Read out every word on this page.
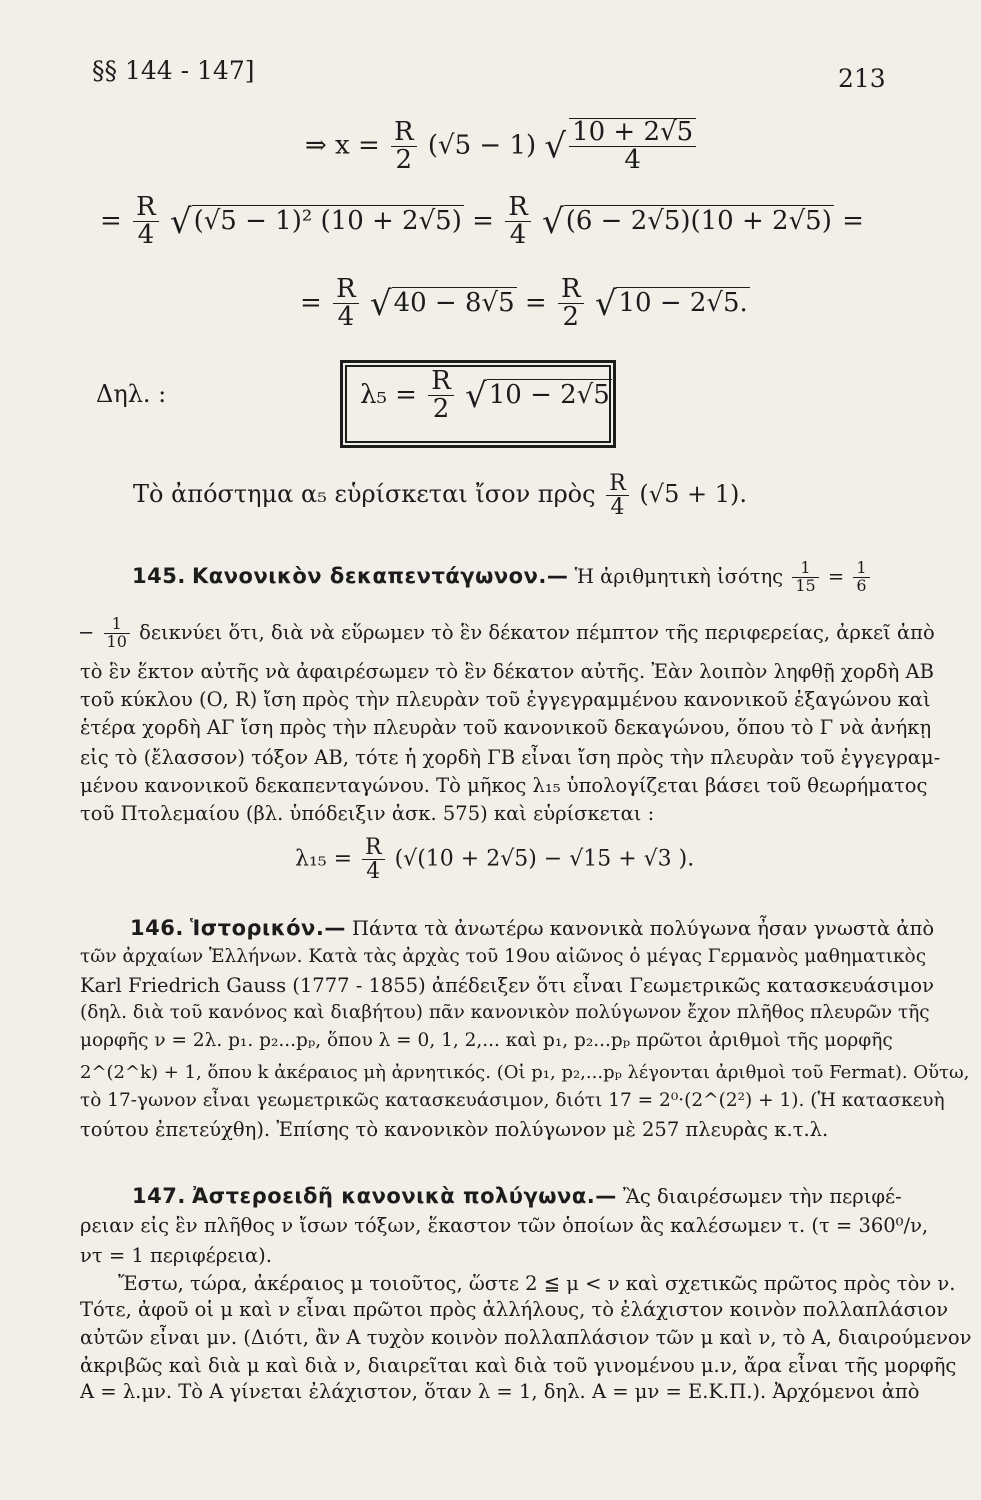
§§ 144 - 147]	213
⇒ $x = \frac{R}{2} (√5 - 1)$ √ $\frac{10 + 2√5}{4}$
= $\frac{R}{4} √(√5 - 1)^2$ $(10 + 2√5) = \frac{R}{4} √(6 - 2√5)(10 + 2√5)$ =
= $\frac{R}{4} √40 - 8√5 = \frac{R}{2} √10 - 2√5$.
Δηλ. :	$\lambda_5 = \frac{R}{2} √10 - 2√5$
Τὸ ἀπόστημα α₅ εὑρίσκεται ἴσον πρὸς $\frac{R}{4} (√5 + 1)$.
145. Κανονικὸν δεκαπεντάγωνον.— Ἡ ἀριθμητικὴ ἰσότης $\frac{1}{15} = \frac{1}{6}$
− $\frac{1}{10}$ δεικνύει ὅτι, διὰ νὰ εὕρωμεν τὸ ἓν δέκατον πέμπτον τῆς περιφερείας, ἀρκεῖ ἀπὸ
τὸ ἓν ἕκτον αὐτῆς νὰ ἀφαιρέσωμεν τὸ ἓν δέκατον αὐτῆς. Ἐὰν λοιπὸν ληφθῇ χορδὴ ΑΒ
τοῦ κύκλου (Ο, R) ἴση πρὸς τὴν πλευρὰν τοῦ ἐγγεγραμμένου κανονικοῦ ἑξαγώνου καὶ
ἑτέρα χορδὴ ΑΓ ἴση πρὸς τὴν πλευρὰν τοῦ κανονικοῦ δεκαγώνου, ὅπου τὸ Γ νὰ ἀνήκῃ
εἰς τὸ (ἔλασσον) τόξον ΑΒ, τότε ἡ χορδὴ ΓΒ εἶναι ἴση πρὸς τὴν πλευρὰν τοῦ ἐγγεγραμ-
μένου κανονικοῦ δεκαπενταγώνου. Τὸ μῆκος λ₁₅ ὑπολογίζεται βάσει τοῦ θεωρήματος
τοῦ Πτολεμαίου (βλ. ὑπόδειξιν ἀσκ. 575) καὶ εὑρίσκεται :
$\lambda_{15} = \frac{R}{4} (√(10 + 2√5) - √15 + √3$ ).
146. Ἱστορικόν.— Πάντα τὰ ἀνωτέρω κανονικὰ πολύγωνα ἦσαν γνωστὰ ἀπὸ
τῶν ἀρχαίων Ἑλλήνων. Κατὰ τὰς ἀρχὰς τοῦ 19ου αἰῶνος ὁ μέγας Γερμανὸς μαθηματικὸς
Karl Friedrich Gauss (1777 - 1855) ἀπέδειξεν ὅτι εἶναι Γεωμετρικῶς κατασκευάσιμον
(δηλ. διὰ τοῦ κανόνος καὶ διαβήτου) πᾶν κανονικὸν πολύγωνον ἔχον πλῆθος πλευρῶν τῆς
μορφῆς ν = 2λ. p₁. p₂...pₚ, ὅπου λ = 0, 1, 2,... καὶ p₁, p₂...pₚ πρῶτοι ἀριθμοὶ τῆς μορφῆς
2^(2^k) + 1, ὅπου k ἀκέραιος μὴ ἀρνητικός. (Οἱ p₁, p₂,...pₚ λέγονται ἀριθμοὶ τοῦ Fermat). Οὕτω,
τὸ 17-γωνον εἶναι γεωμετρικῶς κατασκευάσιμον, διότι 17 = 2⁰·(2^(2²) + 1). (Ἡ κατασκευὴ
τούτου ἐπετεύχθη). Ἐπίσης τὸ κανονικὸν πολύγωνον μὲ 257 πλευρὰς κ.τ.λ.
147. Ἀστεροειδῆ κανονικὰ πολύγωνα.— Ἂς διαιρέσωμεν τὴν περιφέ-
ρειαν εἰς ἓν πλῆθος ν ἴσων τόξων, ἕκαστον τῶν ὁποίων ἂς καλέσωμεν τ. (τ = 360⁰/ν,
ντ = 1 περιφέρεια).
Ἔστω, τώρα, ἀκέραιος μ τοιοῦτος, ὥστε 2 ≦ μ < ν καὶ σχετικῶς πρῶτος πρὸς τὸν ν.
Τότε, ἀφοῦ οἱ μ καὶ ν εἶναι πρῶτοι πρὸς ἀλλήλους, τὸ ἐλάχιστον κοινὸν πολλαπλάσιον
αὐτῶν εἶναι μν. (Διότι, ἂν Α τυχὸν κοινὸν πολλαπλάσιον τῶν μ καὶ ν, τὸ Α, διαιρούμενον
ἀκριβῶς καὶ διὰ μ καὶ διὰ ν, διαιρεῖται καὶ διὰ τοῦ γινομένου μ.ν, ἄρα εἶναι τῆς μορφῆς
Α = λ.μν. Τὸ Α γίνεται ἐλάχιστον, ὅταν λ = 1, δηλ. Α = μν = Ε.Κ.Π.). Ἀρχόμενοι ἀπὸ
